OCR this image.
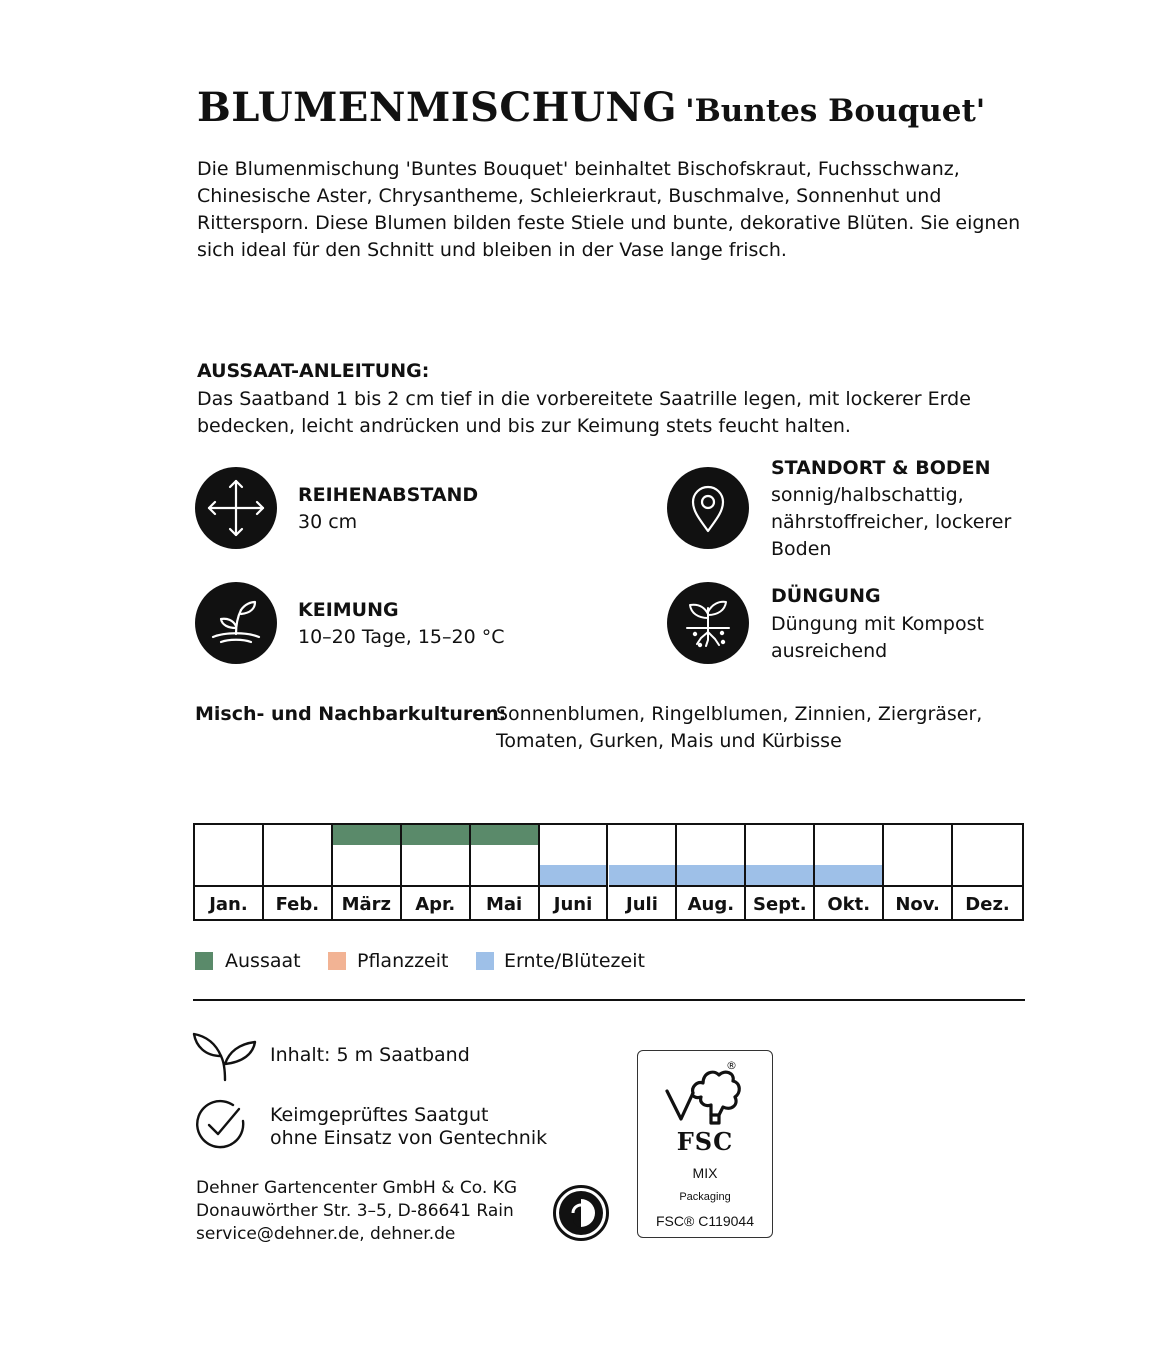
BLUMENMISCHUNG 'Buntes Bouquet'
Die Blumenmischung 'Buntes Bouquet' beinhaltet Bischofskraut, Fuchsschwanz, Chinesische Aster, Chrysantheme, Schleierkraut, Buschmalve, Sonnenhut und Rittersporn. Diese Blumen bilden feste Stiele und bunte, dekorative Blüten. Sie eignen sich ideal für den Schnitt und bleiben in der Vase lange frisch.
AUSSAAT-ANLEITUNG:
Das Saatband 1 bis 2 cm tief in die vorbereitete Saatrille legen, mit lockerer Erde bedecken, leicht andrücken und bis zur Keimung stets feucht halten.
REIHENABSTAND
30 cm
STANDORT & BODEN
sonnig/halbschattig, nährstoffreicher, lockerer Boden
KEIMUNG
10–20 Tage, 15–20 °C
DÜNGUNG
Düngung mit Kompost ausreichend
Misch- und Nachbarkulturen:
Sonnenblumen, Ringelblumen, Zinnien, Ziergräser, Tomaten, Gurken, Mais und Kürbisse
Jan.	Feb.	März	Apr.	Mai	Juni	Juli	Aug.	Sept.	Okt.	Nov.	Dez.
Aussaat	Pflanzzeit	Ernte/Blütezeit
Inhalt: 5 m Saatband
Keimgeprüftes Saatgut
ohne Einsatz von Gentechnik
Dehner Gartencenter GmbH & Co. KG
Donauwörther Str. 3–5, D-86641 Rain
service@dehner.de, dehner.de
®
FSC
MIX
Packaging
FSC® C119044
